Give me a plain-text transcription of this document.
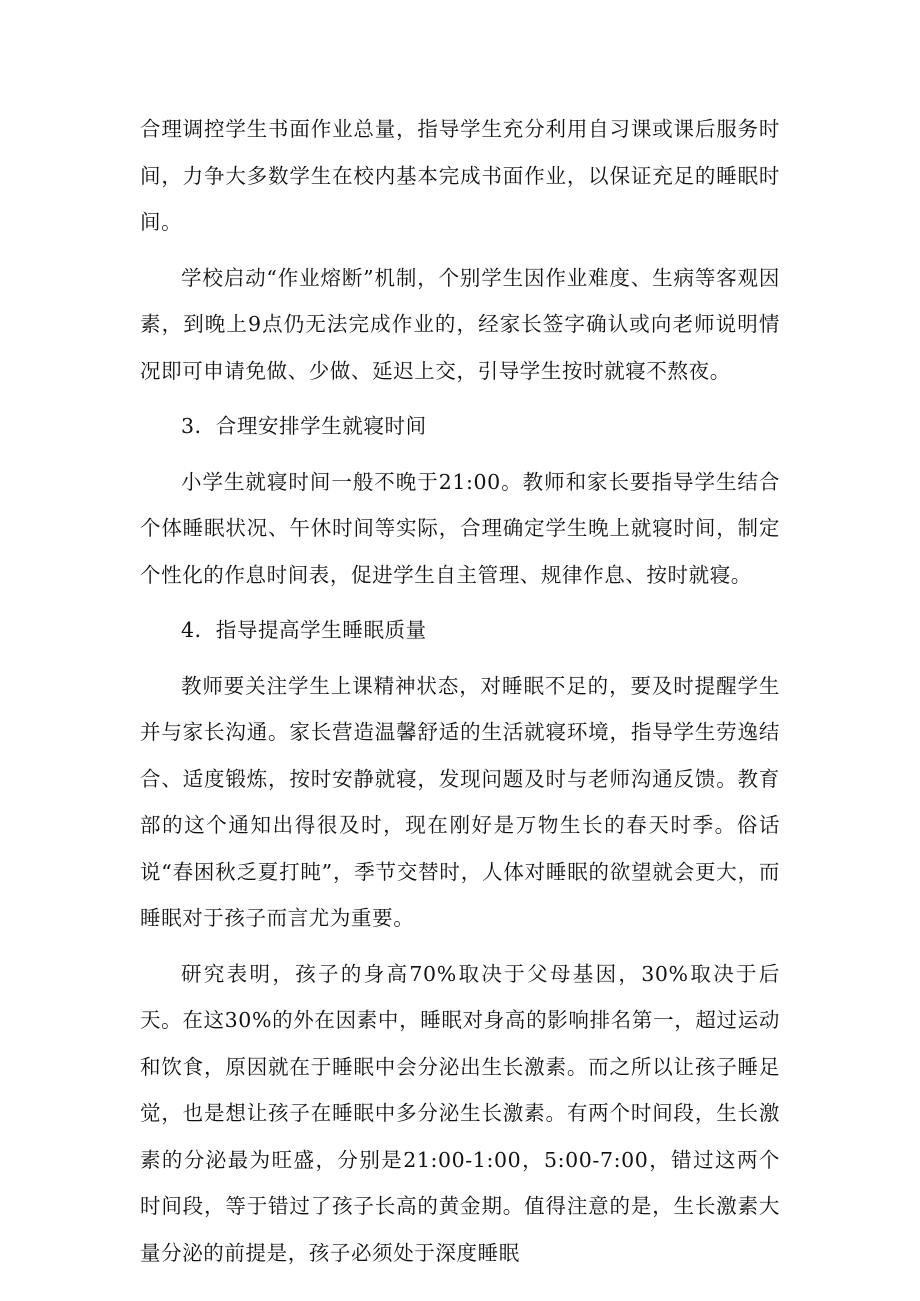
合理调控学生书面作业总量，指导学生充分利用自习课或课后服务时间，力争大多数学生在校内基本完成书面作业，以保证充足的睡眠时间。

学校启动“作业熔断”机制，个别学生因作业难度、生病等客观因素，到晚上9点仍无法完成作业的，经家长签字确认或向老师说明情况即可申请免做、少做、延迟上交，引导学生按时就寝不熬夜。

3．合理安排学生就寝时间

小学生就寝时间一般不晚于21:00。教师和家长要指导学生结合个体睡眠状况、午休时间等实际，合理确定学生晚上就寝时间，制定个性化的作息时间表，促进学生自主管理、规律作息、按时就寝。

4．指导提高学生睡眠质量

教师要关注学生上课精神状态，对睡眠不足的，要及时提醒学生并与家长沟通。家长营造温馨舒适的生活就寝环境，指导学生劳逸结合、适度锻炼，按时安静就寝，发现问题及时与老师沟通反馈。教育部的这个通知出得很及时，现在刚好是万物生长的春天时季。俗话说“春困秋乏夏打盹”，季节交替时，人体对睡眠的欲望就会更大，而睡眠对于孩子而言尤为重要。

研究表明，孩子的身高70%取决于父母基因，30%取决于后天。在这30%的外在因素中，睡眠对身高的影响排名第一，超过运动和饮食，原因就在于睡眠中会分泌出生长激素。而之所以让孩子睡足觉，也是想让孩子在睡眠中多分泌生长激素。有两个时间段，生长激素的分泌最为旺盛，分别是21:00-1:00，5:00-7:00，错过这两个时间段，等于错过了孩子长高的黄金期。值得注意的是，生长激素大量分泌的前提是，孩子必须处于深度睡眠
